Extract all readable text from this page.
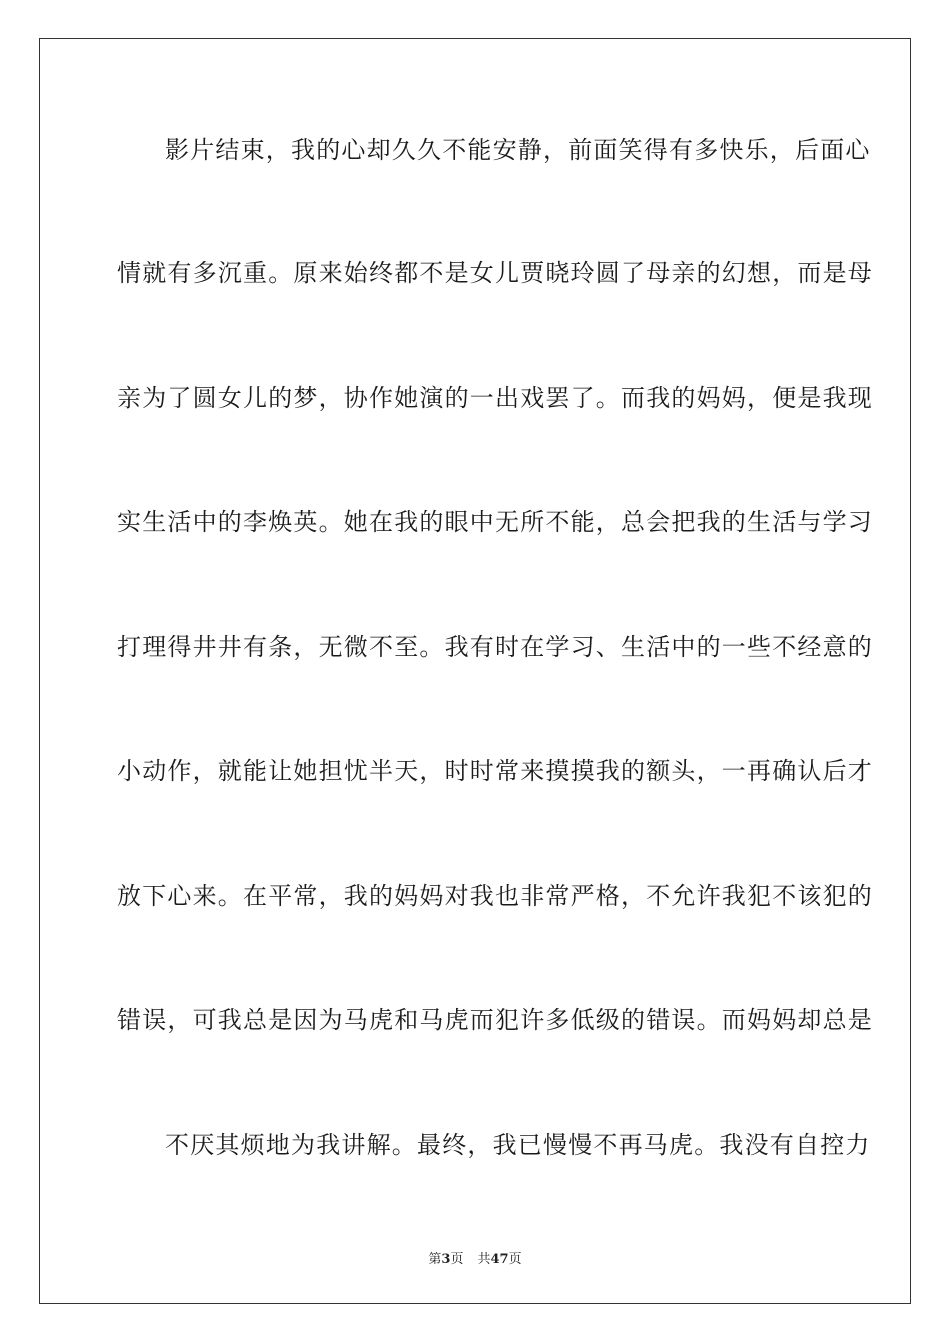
影片结束，我的心却久久不能安静，前面笑得有多快乐，后面心
情就有多沉重。原来始终都不是女儿贾晓玲圆了母亲的幻想，而是母
亲为了圆女儿的梦，协作她演的一出戏罢了。而我的妈妈，便是我现
实生活中的李焕英。她在我的眼中无所不能，总会把我的生活与学习
打理得井井有条，无微不至。我有时在学习、生活中的一些不经意的
小动作，就能让她担忧半天，时时常来摸摸我的额头，一再确认后才
放下心来。在平常，我的妈妈对我也非常严格，不允许我犯不该犯的
错误，可我总是因为马虎和马虎而犯许多低级的错误。而妈妈却总是
不厌其烦地为我讲解。最终，我已慢慢不再马虎。我没有自控力
第3页 共47页
